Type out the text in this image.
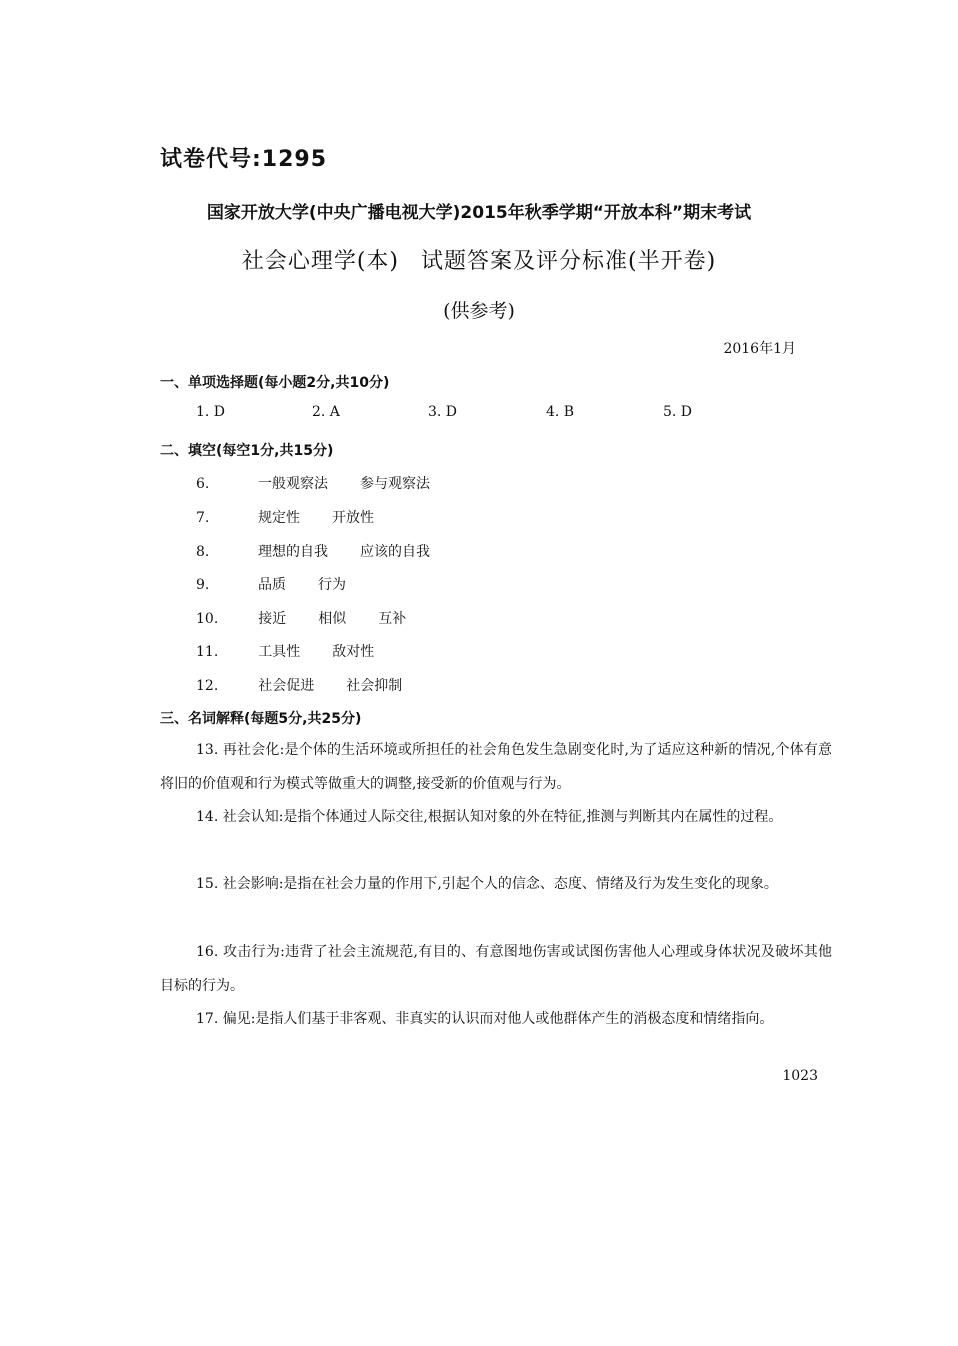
试卷代号:1295
国家开放大学(中央广播电视大学)2015年秋季学期“开放本科”期末考试
社会心理学(本) 试题答案及评分标准(半开卷)
(供参考)
2016年1月
一、单项选择题(每小题2分,共10分)
1. D	2. A	3. D	4. B	5. D
二、填空(每空1分,共15分)
6.	一般观察法 参与观察法
7.	规定性 开放性
8.	理想的自我 应该的自我
9.	品质 行为
10.	接近 相似 互补
11.	工具性 敌对性
12.	社会促进 社会抑制
三、名词解释(每题5分,共25分)
13. 再社会化:是个体的生活环境或所担任的社会角色发生急剧变化时,为了适应这种新的情况,个体有意将旧的价值观和行为模式等做重大的调整,接受新的价值观与行为。
14. 社会认知:是指个体通过人际交往,根据认知对象的外在特征,推测与判断其内在属性的过程。
15. 社会影响:是指在社会力量的作用下,引起个人的信念、态度、情绪及行为发生变化的现象。
16. 攻击行为:违背了社会主流规范,有目的、有意图地伤害或试图伤害他人心理或身体状况及破坏其他目标的行为。
17. 偏见:是指人们基于非客观、非真实的认识而对他人或他群体产生的消极态度和情绪指向。
1023
